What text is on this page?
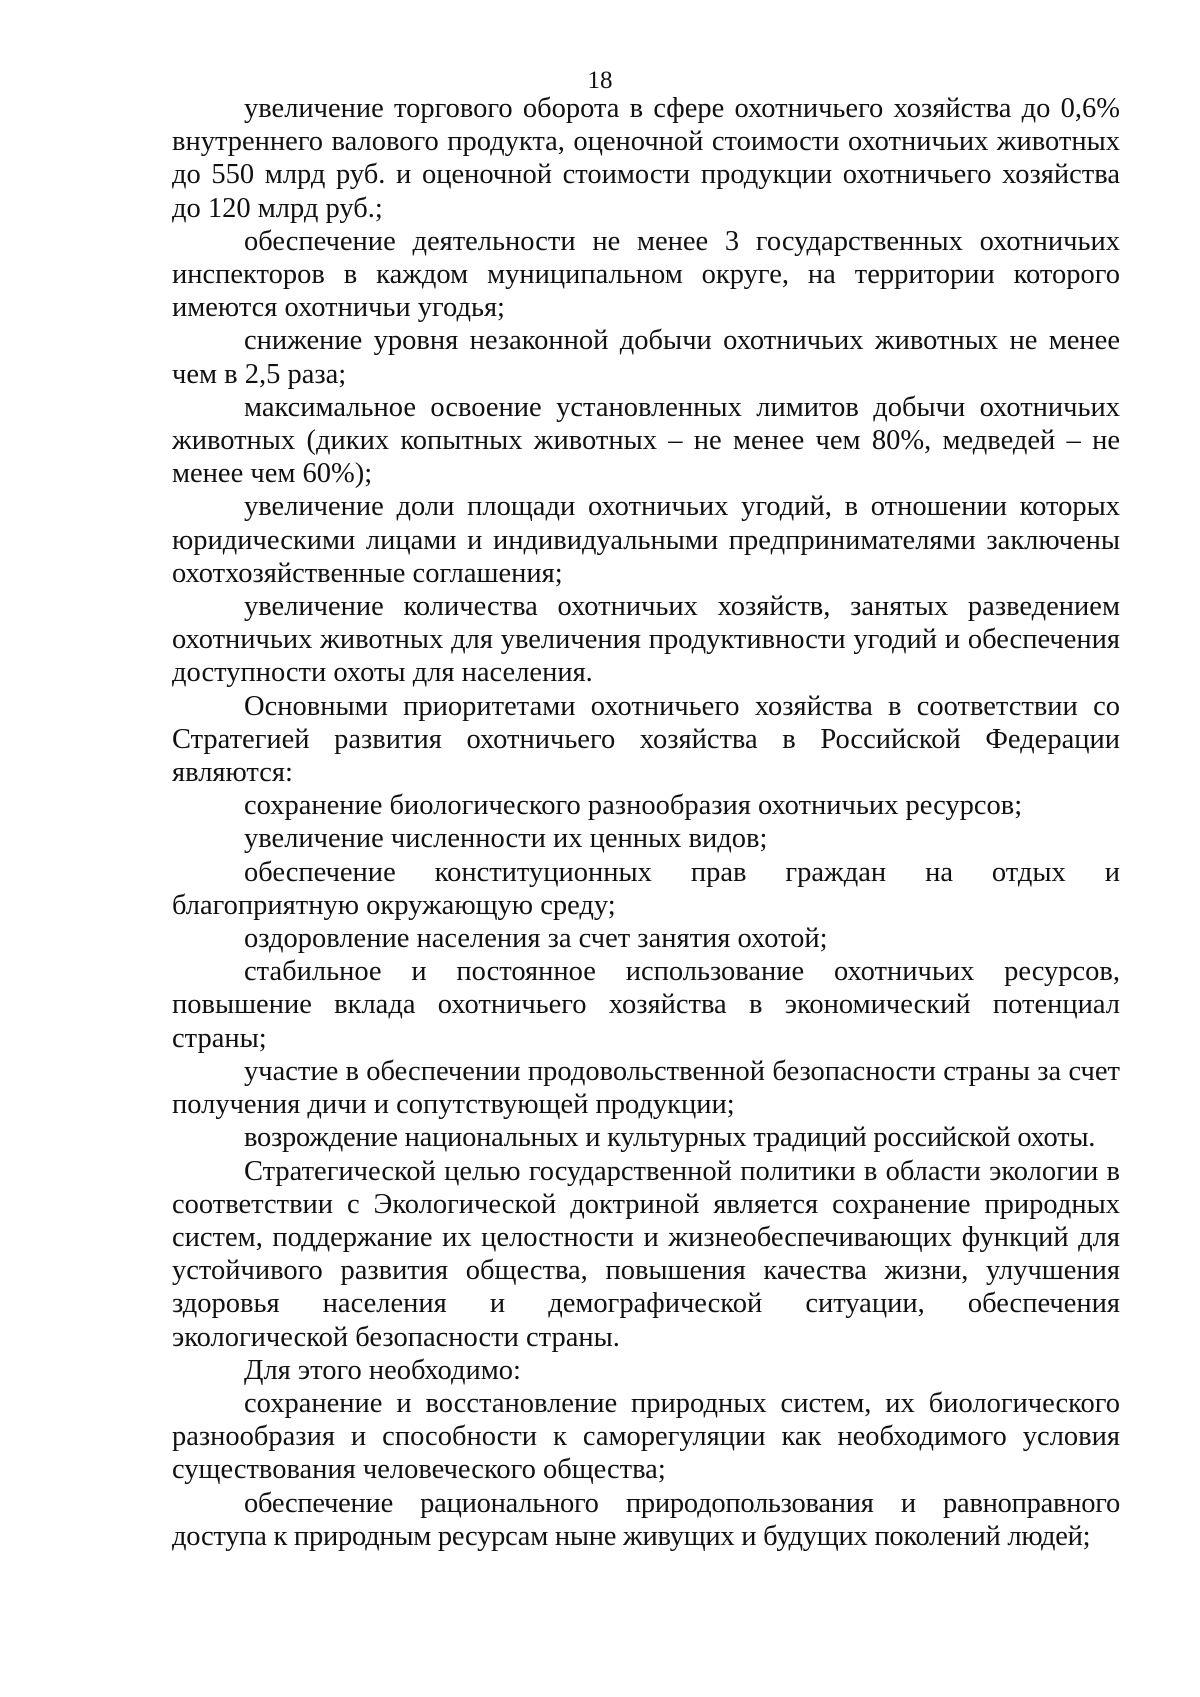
18

увеличение торгового оборота в сфере охотничьего хозяйства до 0,6% внутреннего валового продукта, оценочной стоимости охотничьих животных до 550 млрд руб. и оценочной стоимости продукции охотничьего хозяйства до 120 млрд руб.;

обеспечение деятельности не менее 3 государственных охотничьих инспекторов в каждом муниципальном округе, на территории которого имеются охотничьи угодья;

снижение уровня незаконной добычи охотничьих животных не менее чем в 2,5 раза;

максимальное освоение установленных лимитов добычи охотничьих животных (диких копытных животных – не менее чем 80%, медведей – не менее чем 60%);

увеличение доли площади охотничьих угодий, в отношении которых юридическими лицами и индивидуальными предпринимателями заключены охотхозяйственные соглашения;

увеличение количества охотничьих хозяйств, занятых разведением охотничьих животных для увеличения продуктивности угодий и обеспечения доступности охоты для населения.

Основными приоритетами охотничьего хозяйства в соответствии со Стратегией развития охотничьего хозяйства в Российской Федерации являются:

сохранение биологического разнообразия охотничьих ресурсов;

увеличение численности их ценных видов;

обеспечение конституционных прав граждан на отдых и благоприятную окружающую среду;

оздоровление населения за счет занятия охотой;

стабильное и постоянное использование охотничьих ресурсов, повышение вклада охотничьего хозяйства в экономический потенциал страны;

участие в обеспечении продовольственной безопасности страны за счет получения дичи и сопутствующей продукции;

возрождение национальных и культурных традиций российской охоты.

Стратегической целью государственной политики в области экологии в соответствии с Экологической доктриной является сохранение природных систем, поддержание их целостности и жизнеобеспечивающих функций для устойчивого развития общества, повышения качества жизни, улучшения здоровья населения и демографической ситуации, обеспечения экологической безопасности страны.

Для этого необходимо:

сохранение и восстановление природных систем, их биологического разнообразия и способности к саморегуляции как необходимого условия существования человеческого общества;

обеспечение рационального природопользования и равноправного доступа к природным ресурсам ныне живущих и будущих поколений людей;
